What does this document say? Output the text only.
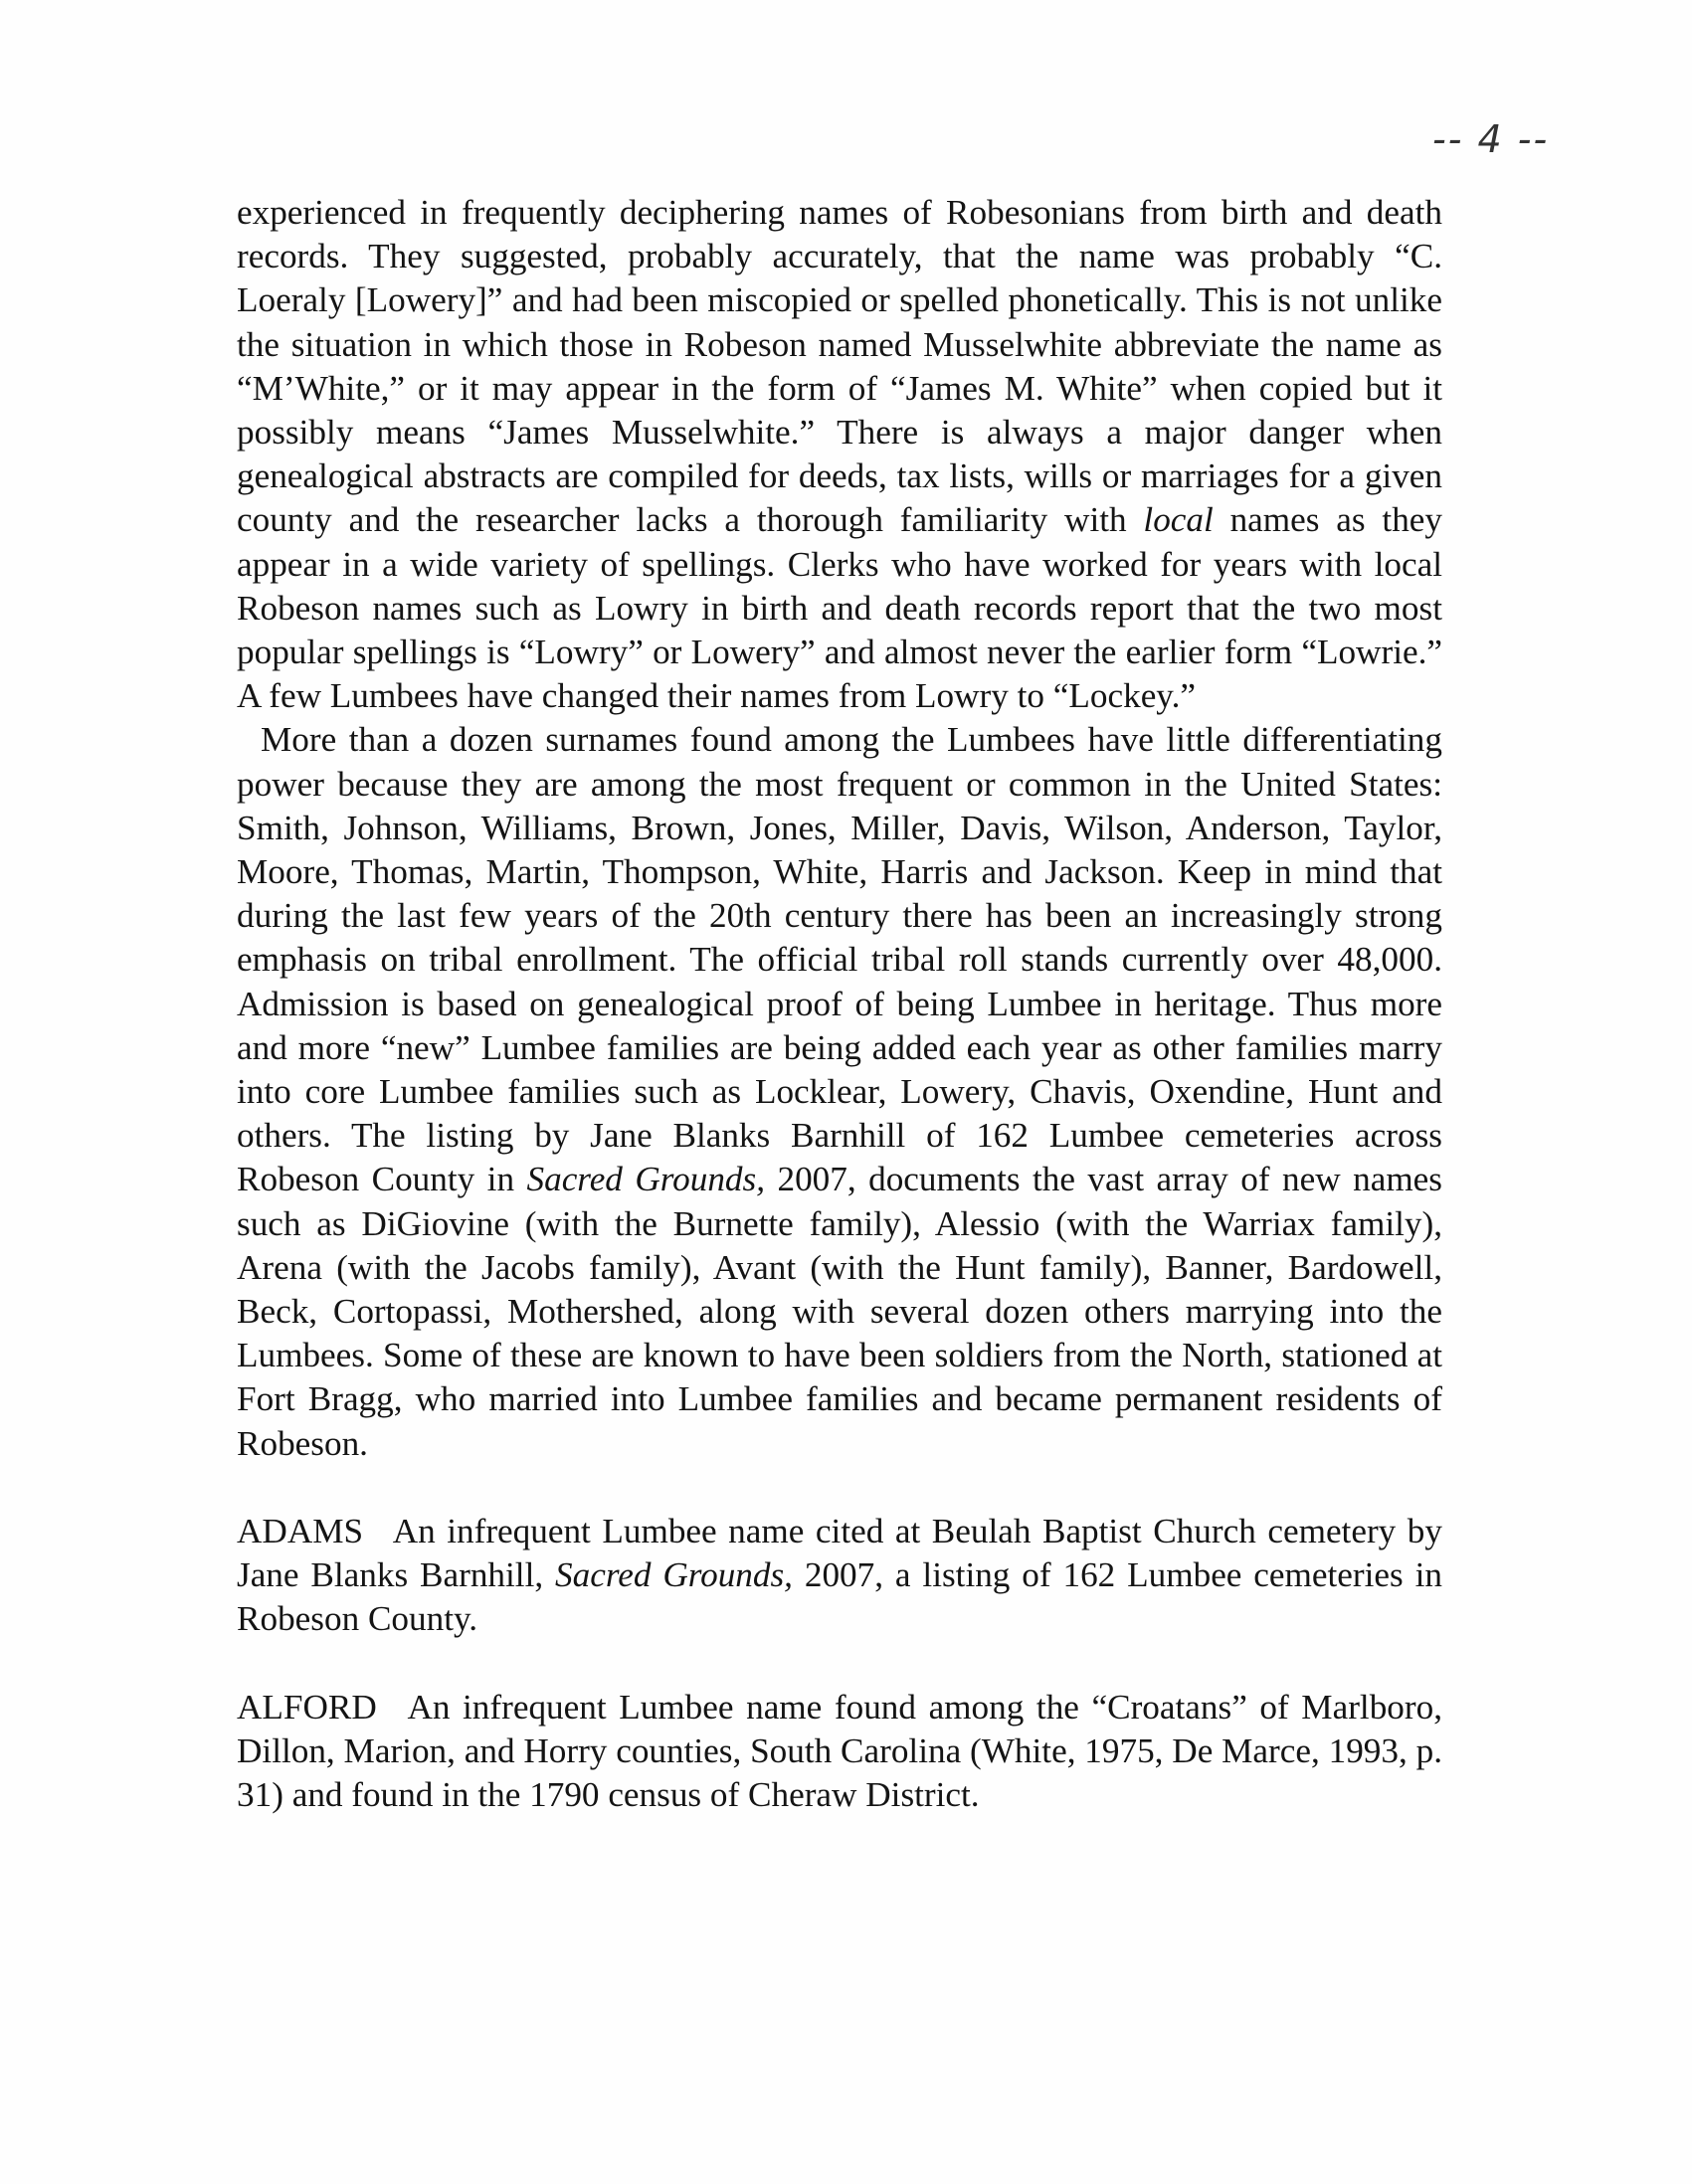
-- 4 --

experienced in frequently deciphering names of Robesonians from birth and death records. They suggested, probably accurately, that the name was probably “C. Loeraly [Lowery]” and had been miscopied or spelled phonetically. This is not unlike the situation in which those in Robeson named Musselwhite abbreviate the name as “M’White,” or it may appear in the form of “James M. White” when copied but it possibly means “James Musselwhite.” There is always a major danger when genealogical abstracts are compiled for deeds, tax lists, wills or marriages for a given county and the researcher lacks a thorough familiarity with local names as they appear in a wide variety of spellings. Clerks who have worked for years with local Robeson names such as Lowry in birth and death records report that the two most popular spellings is “Lowry” or Lowery” and almost never the earlier form “Lowrie.” A few Lumbees have changed their names from Lowry to “Lockey.”

More than a dozen surnames found among the Lumbees have little differentiating power because they are among the most frequent or common in the United States: Smith, Johnson, Williams, Brown, Jones, Miller, Davis, Wilson, Anderson, Taylor, Moore, Thomas, Martin, Thompson, White, Harris and Jackson. Keep in mind that during the last few years of the 20th century there has been an increasingly strong emphasis on tribal enrollment. The official tribal roll stands currently over 48,000. Admission is based on genealogical proof of being Lumbee in heritage. Thus more and more “new” Lumbee families are being added each year as other families marry into core Lumbee families such as Locklear, Lowery, Chavis, Oxendine, Hunt and others. The listing by Jane Blanks Barnhill of 162 Lumbee cemeteries across Robeson County in Sacred Grounds, 2007, documents the vast array of new names such as DiGiovine (with the Burnette family), Alessio (with the Warriax family), Arena (with the Jacobs family), Avant (with the Hunt family), Banner, Bardowell, Beck, Cortopassi, Mothershed, along with several dozen others marrying into the Lumbees. Some of these are known to have been soldiers from the North, stationed at Fort Bragg, who married into Lumbee families and became permanent residents of Robeson.

ADAMS An infrequent Lumbee name cited at Beulah Baptist Church cemetery by Jane Blanks Barnhill, Sacred Grounds, 2007, a listing of 162 Lumbee cemeteries in Robeson County.

ALFORD An infrequent Lumbee name found among the “Croatans” of Marlboro, Dillon, Marion, and Horry counties, South Carolina (White, 1975, De Marce, 1993, p. 31) and found in the 1790 census of Cheraw District.
